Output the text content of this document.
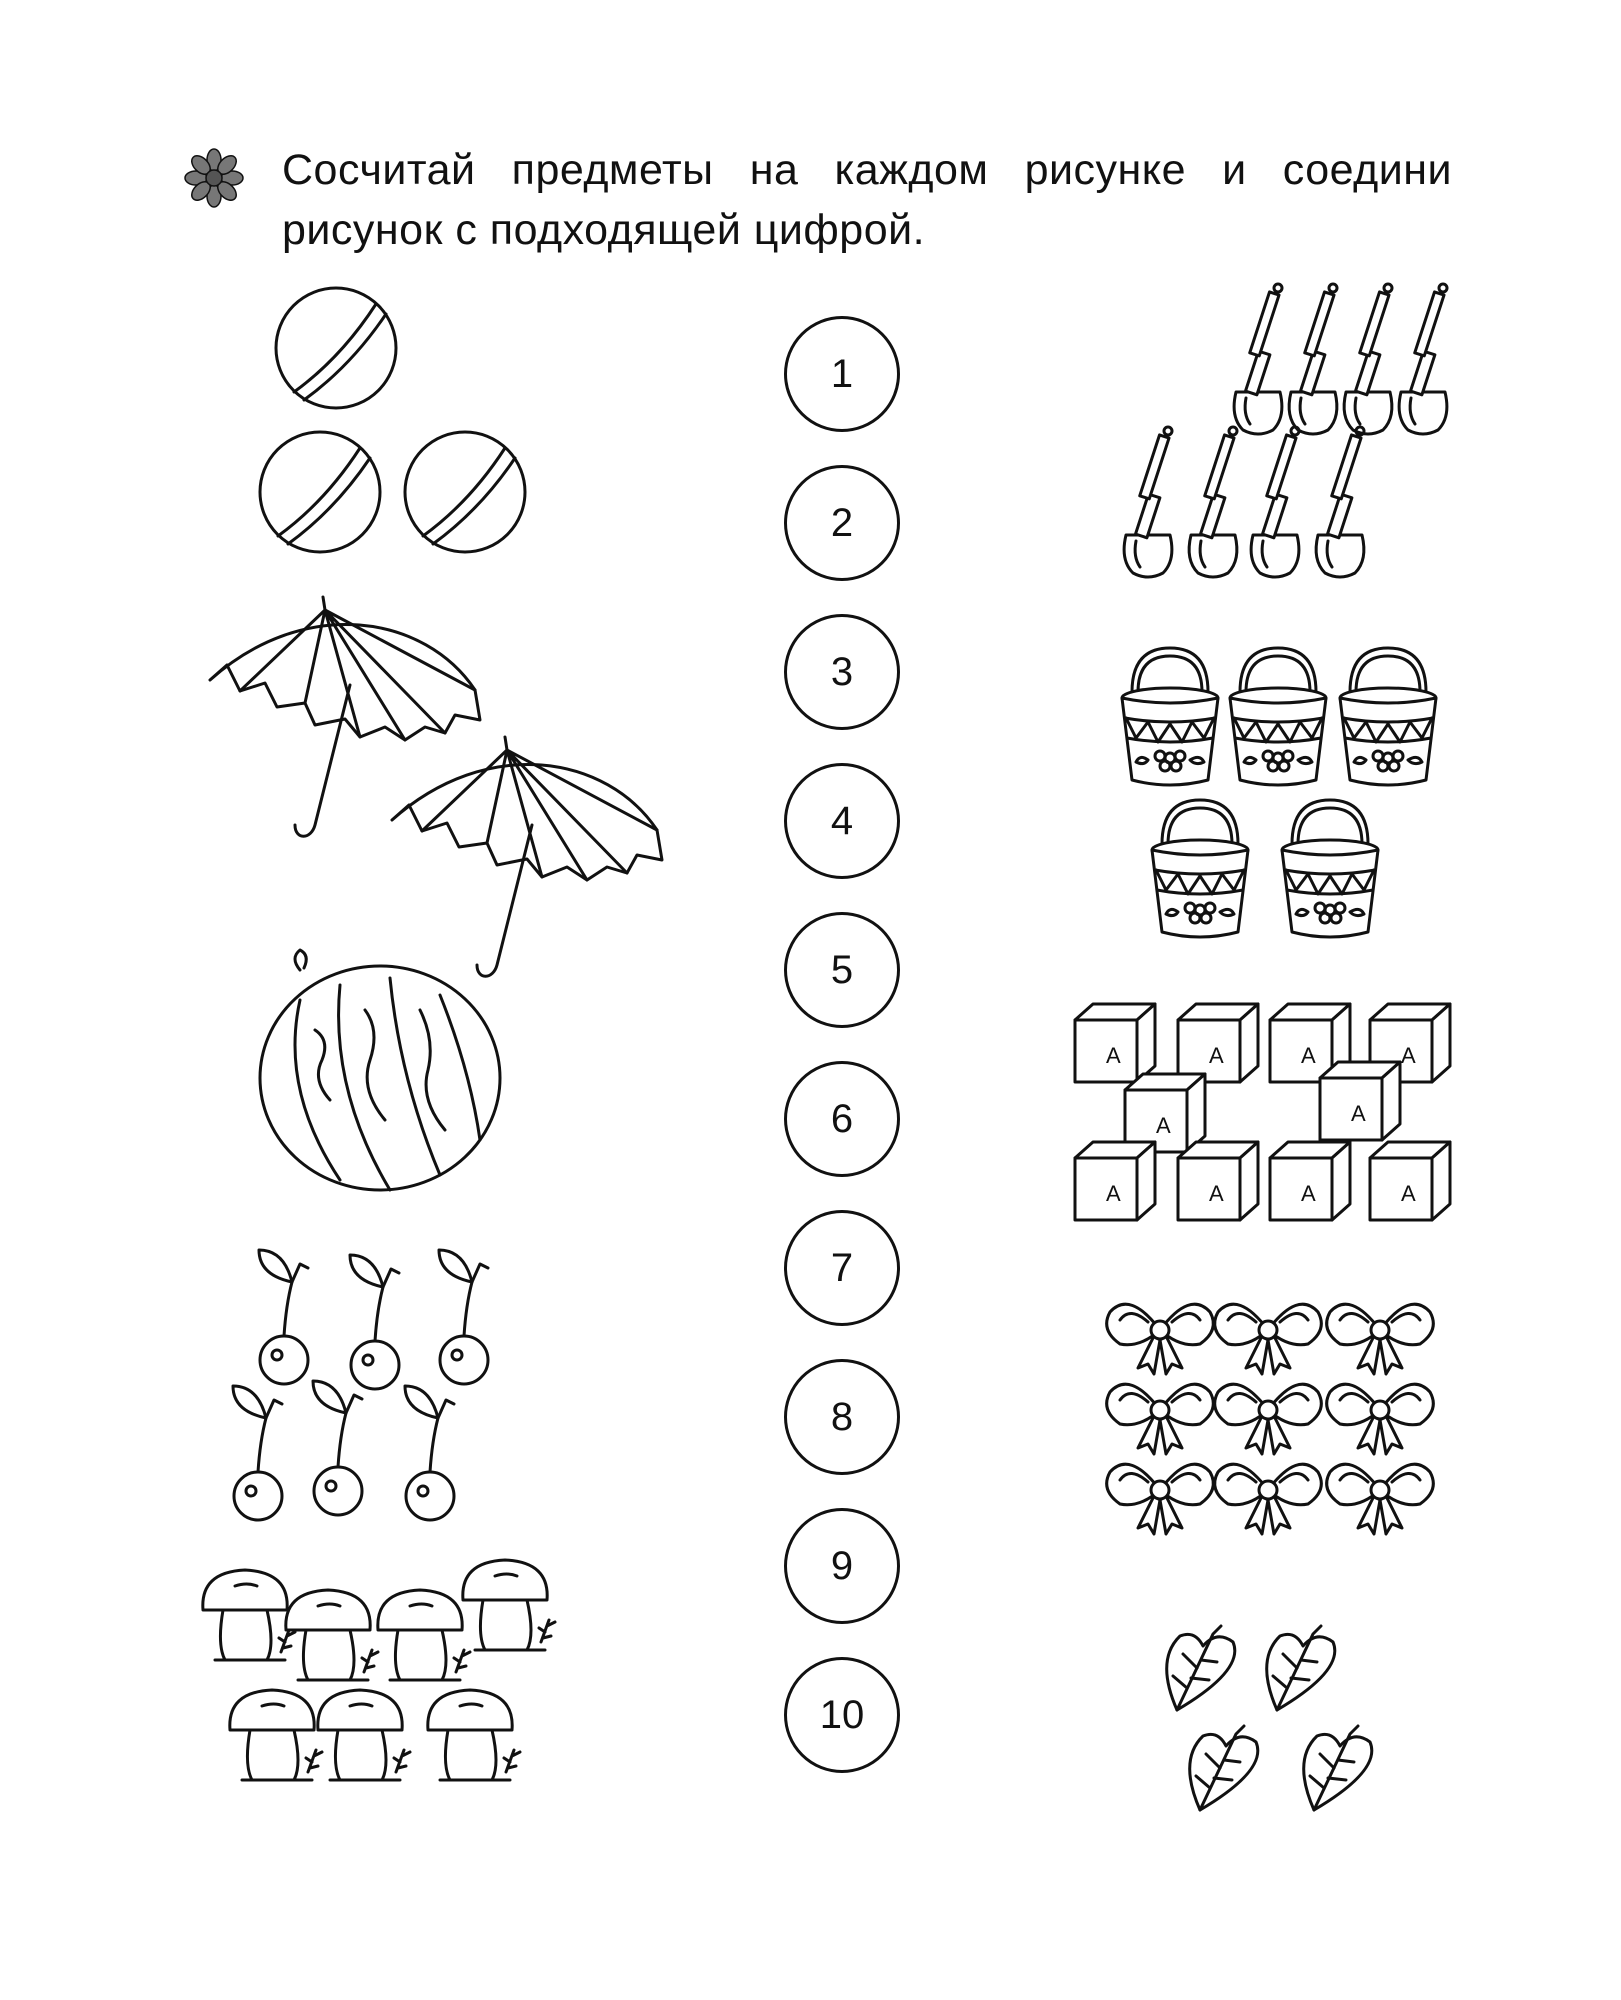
Сосчитай предметы на каждом рисунке и соедини рисунок с подходящей цифрой.
1
2
3
4
5
6
7
8
9
10
А	А	А	А
А	А
А	А	А	А
